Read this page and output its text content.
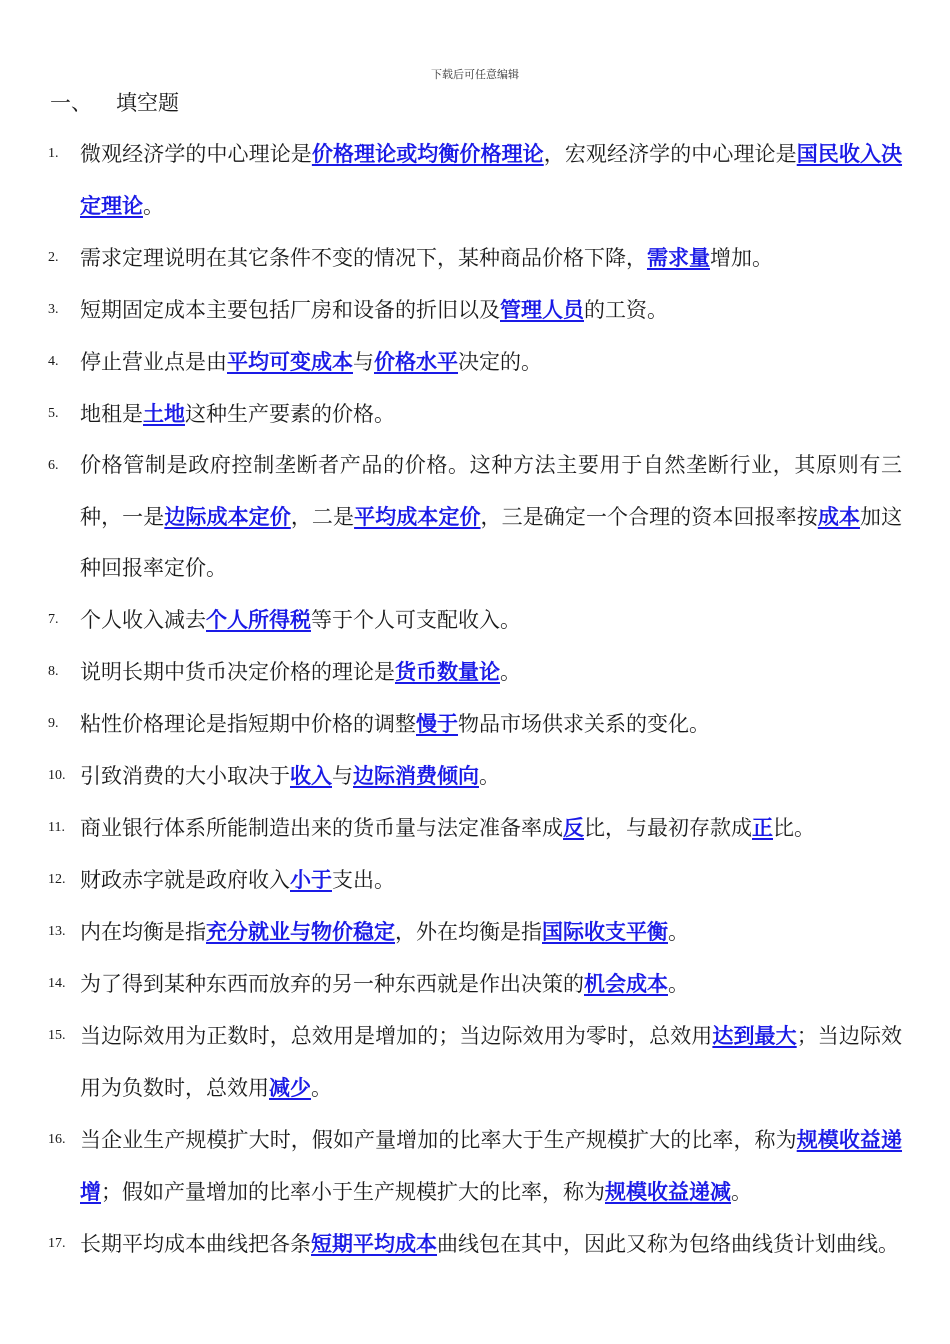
下载后可任意编辑
一、 填空题
1. 微观经济学的中心理论是价格理论或均衡价格理论，宏观经济学的中心理论是国民收入决定理论。
2. 需求定理说明在其它条件不变的情况下，某种商品价格下降，需求量增加。
3. 短期固定成本主要包括厂房和设备的折旧以及管理人员的工资。
4. 停止营业点是由平均可变成本与价格水平决定的。
5. 地租是土地这种生产要素的价格。
6. 价格管制是政府控制垄断者产品的价格。这种方法主要用于自然垄断行业，其原则有三种，一是边际成本定价，二是平均成本定价，三是确定一个合理的资本回报率按成本加这种回报率定价。
7. 个人收入减去个人所得税等于个人可支配收入。
8. 说明长期中货币决定价格的理论是货币数量论。
9. 粘性价格理论是指短期中价格的调整慢于物品市场供求关系的变化。
10. 引致消费的大小取决于收入与边际消费倾向。
11. 商业银行体系所能制造出来的货币量与法定准备率成反比，与最初存款成正比。
12. 财政赤字就是政府收入小于支出。
13. 内在均衡是指充分就业与物价稳定，外在均衡是指国际收支平衡。
14. 为了得到某种东西而放弃的另一种东西就是作出决策的机会成本。
15. 当边际效用为正数时，总效用是增加的；当边际效用为零时，总效用达到最大；当边际效用为负数时，总效用减少。
16. 当企业生产规模扩大时，假如产量增加的比率大于生产规模扩大的比率，称为规模收益递增；假如产量增加的比率小于生产规模扩大的比率，称为规模收益递减。
17. 长期平均成本曲线把各条短期平均成本曲线包在其中，因此又称为包络曲线货计划曲线。
